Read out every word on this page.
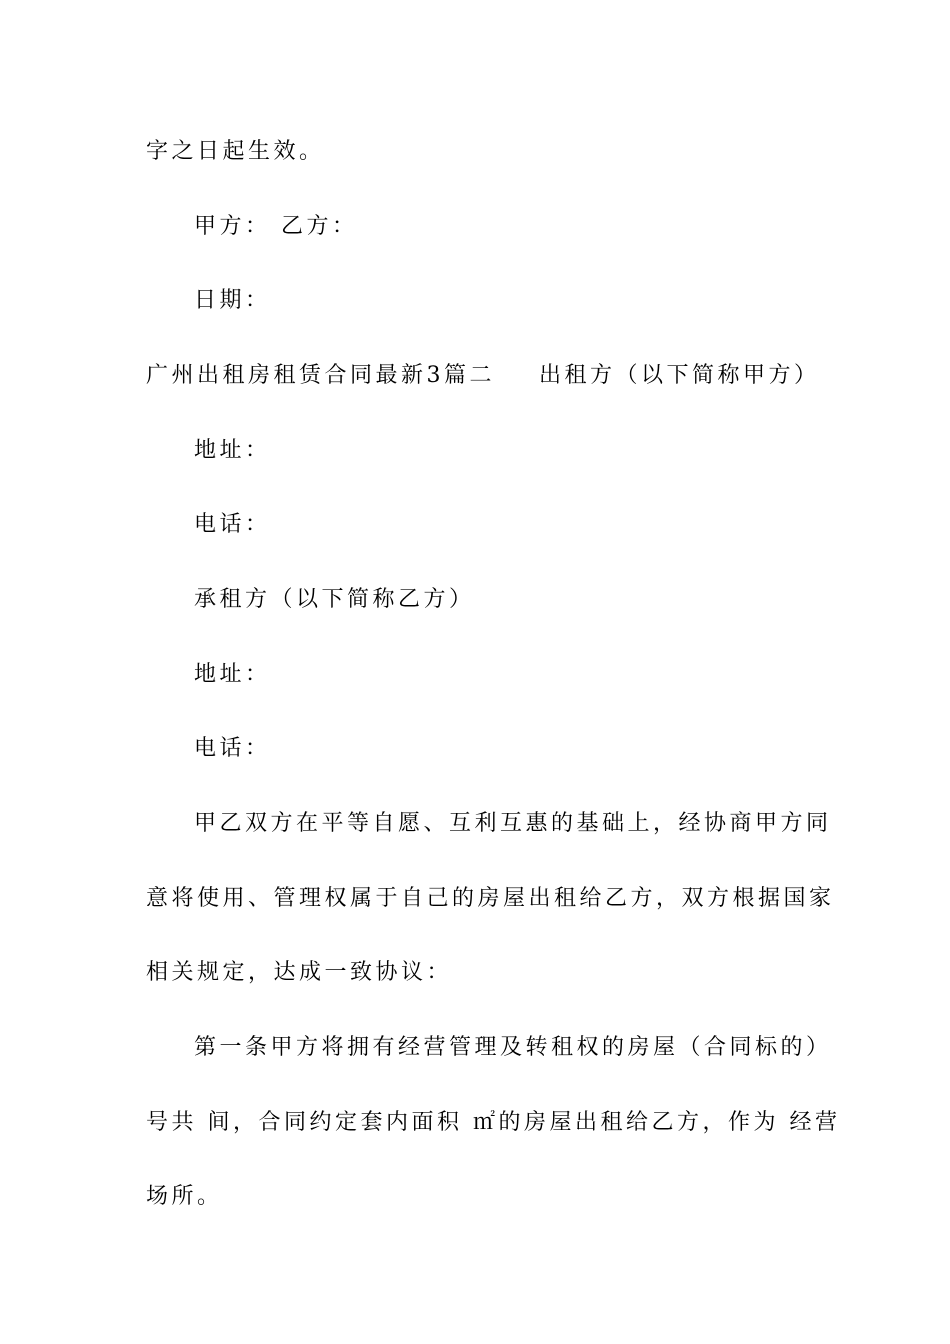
字之日起生效。
甲方： 乙方：
日期：
广州出租房租赁合同最新3篇二 出租方（以下简称甲方）
地址：
电话：
承租方（以下简称乙方）
地址：
电话：
甲乙双方在平等自愿、互利互惠的基础上，经协商甲方同
意将使用、管理权属于自己的房屋出租给乙方，双方根据国家
相关规定，达成一致协议：
第一条甲方将拥有经营管理及转租权的房屋（合同标的）
号共 间，合同约定套内面积 ㎡的房屋出租给乙方，作为 经营
场所。
